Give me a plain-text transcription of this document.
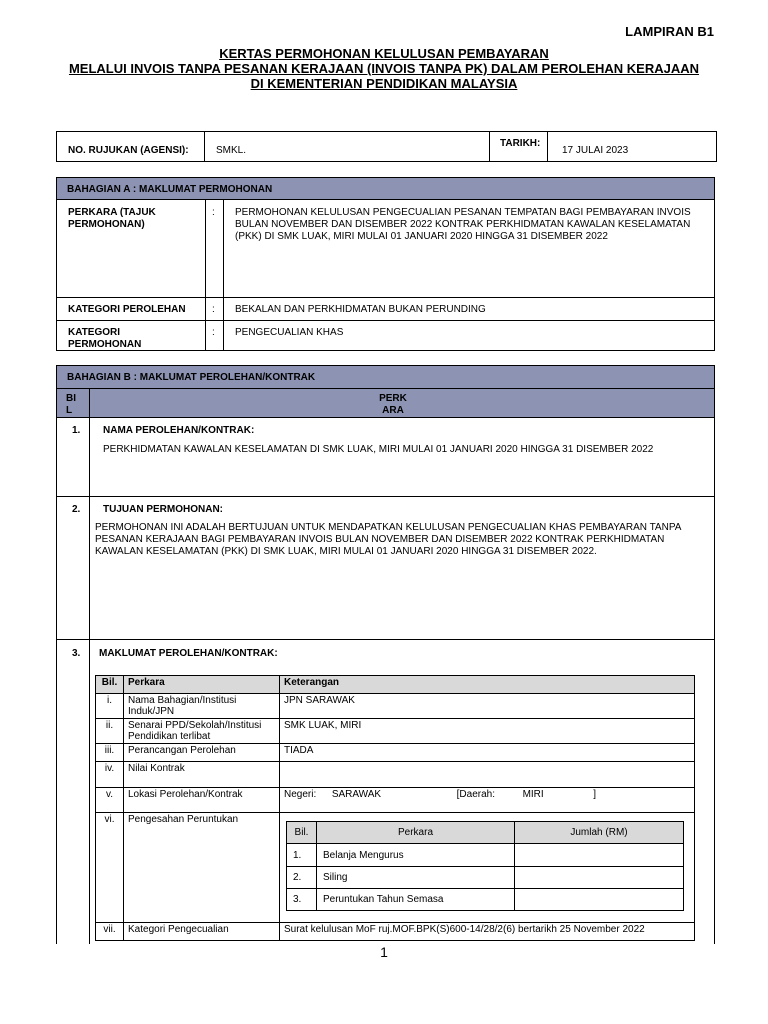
LAMPIRAN B1
KERTAS PERMOHONAN KELULUSAN PEMBAYARAN
MELALUI INVOIS TANPA PESANAN KERAJAAN (INVOIS TANPA PK) DALAM PEROLEHAN KERAJAAN
DI KEMENTERIAN PENDIDIKAN MALAYSIA
NO. RUJUKAN (AGENSI):	SMKL.
TARIKH:
17 JULAI 2023
BAHAGIAN A : MAKLUMAT PERMOHONAN
PERKARA (TAJUK PERMOHONAN)
: PERMOHONAN KELULUSAN PENGECUALIAN PESANAN TEMPATAN BAGI PEMBAYARAN INVOIS BULAN NOVEMBER DAN DISEMBER 2022 KONTRAK PERKHIDMATAN KAWALAN KESELAMATAN (PKK) DI SMK LUAK, MIRI MULAI 01 JANUARI 2020 HINGGA 31 DISEMBER 2022
KATEGORI PEROLEHAN	: BEKALAN DAN PERKHIDMATAN BUKAN PERUNDING
KATEGORI PERMOHONAN
: PENGECUALIAN KHAS
BAHAGIAN B : MAKLUMAT PEROLEHAN/KONTRAK
BIL
PERKARA
1. NAMA PEROLEHAN/KONTRAK:
PERKHIDMATAN KAWALAN KESELAMATAN DI SMK LUAK, MIRI MULAI 01 JANUARI 2020 HINGGA 31 DISEMBER 2022
2. TUJUAN PERMOHONAN:
PERMOHONAN INI ADALAH BERTUJUAN UNTUK MENDAPATKAN KELULUSAN PENGECUALIAN KHAS PEMBAYARAN TANPA PESANAN KERAJAAN BAGI PEMBAYARAN INVOIS BULAN NOVEMBER DAN DISEMBER 2022 KONTRAK PERKHIDMATAN KAWALAN KESELAMATAN (PKK) DI SMK LUAK, MIRI MULAI 01 JANUARI 2020 HINGGA 31 DISEMBER 2022.
3. MAKLUMAT PEROLEHAN/KONTRAK:
Bil.	Perkara	Keterangan
i.	Nama Bahagian/Institusi Induk/JPN	JPN SARAWAK
ii.	Senarai PPD/Sekolah/Institusi Pendidikan terlibat	SMK LUAK, MIRI
iii.	Perancangan Perolehan	TIADA
iv.	Nilai Kontrak	
v.	Lokasi Perolehan/Kontrak	Negeri: SARAWAK [Daerah: MIRI ]
vi.	Pengesahan Peruntukan	
vii.	Kategori Pengecualian	Surat kelulusan MoF ruj.MOF.BPK(S)600-14/28/2(6) bertarikh 25 November 2022
Bil.	Perkara	Jumlah (RM)
1.	Belanja Mengurus	
2.	Siling	
3.	Peruntukan Tahun Semasa	
1
